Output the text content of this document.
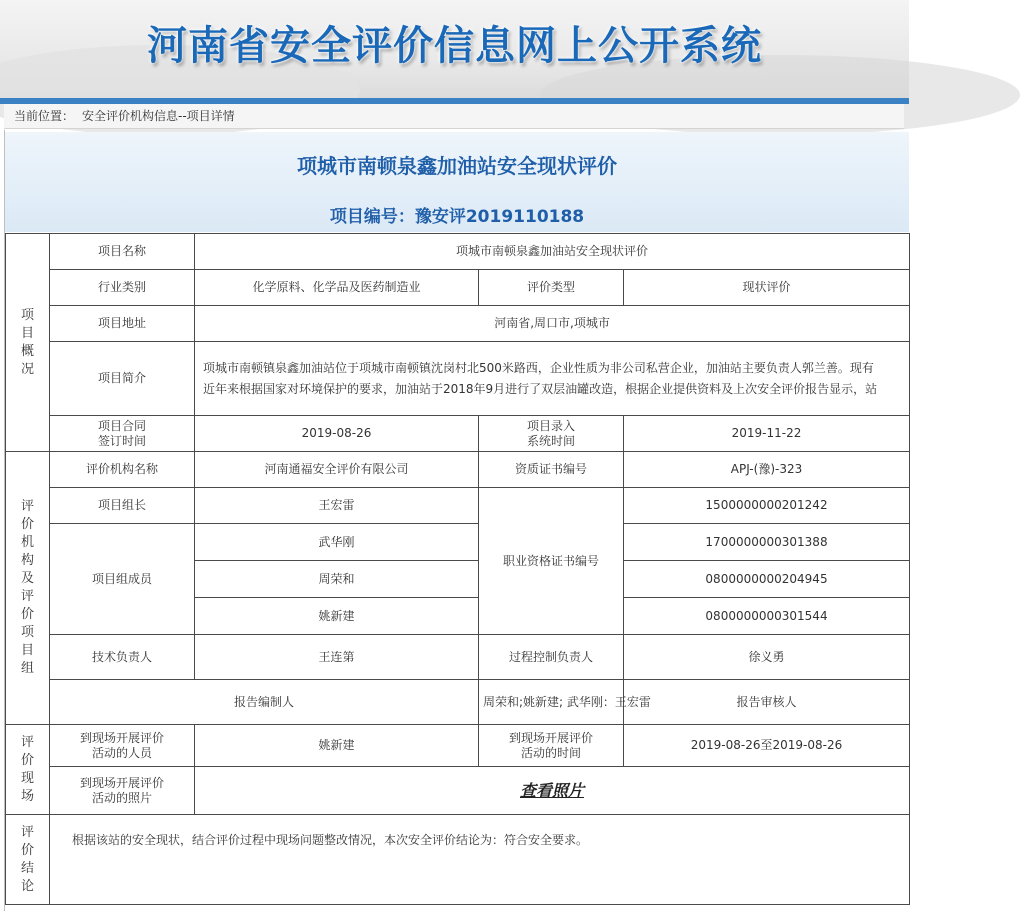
河南省安全评价信息网上公开系统
当前位置： 安全评价机构信息--项目详情
项城市南顿泉鑫加油站安全现状评价
项目编号：豫安评2019110188
项目概况	项目名称	项城市南顿泉鑫加油站安全现状评价			
	行业类别	化学原料、化学品及医药制造业	评价类型	现状评价	
	项目地址	河南省,周口市,项城市			
	项目简介	项城市南顿镇泉鑫加油站位于项城市南顿镇沈岗村北500米路西，企业性质为非公司私营企业，加油站主要负责人郭兰善。现有
近年来根据国家对环境保护的要求，加油站于2018年9月进行了双层油罐改造，根据企业提供资料及上次安全评价报告显示，站			

	项目合同
签订时间	2019-08-26	项目录入
系统时间	2019-11-22	
评价机构及评价项目组	评价机构名称	河南通福安全评价有限公司	资质证书编号	APJ-(豫)-323	
	项目组长	王宏雷	职业资格证书编号	1500000000201242	
	项目组成员	武华刚		1700000000301388	
		周荣和		0800000000204945	
		姚新建		0800000000301544	
	技术负责人	王连第	过程控制负责人	徐义勇	
	报告编制人		周荣和;姚新建; 武华刚：王宏雷	报告审核人	
评价现场	到现场开展评价
活动的人员	姚新建	到现场开展评价
活动的时间	2019-08-26至2019-08-26	
	到现场开展评价
活动的照片	查看照片			
评价结论	根据该站的安全现状，结合评价过程中现场问题整改情况，本次安全评价结论为：符合安全要求。				
